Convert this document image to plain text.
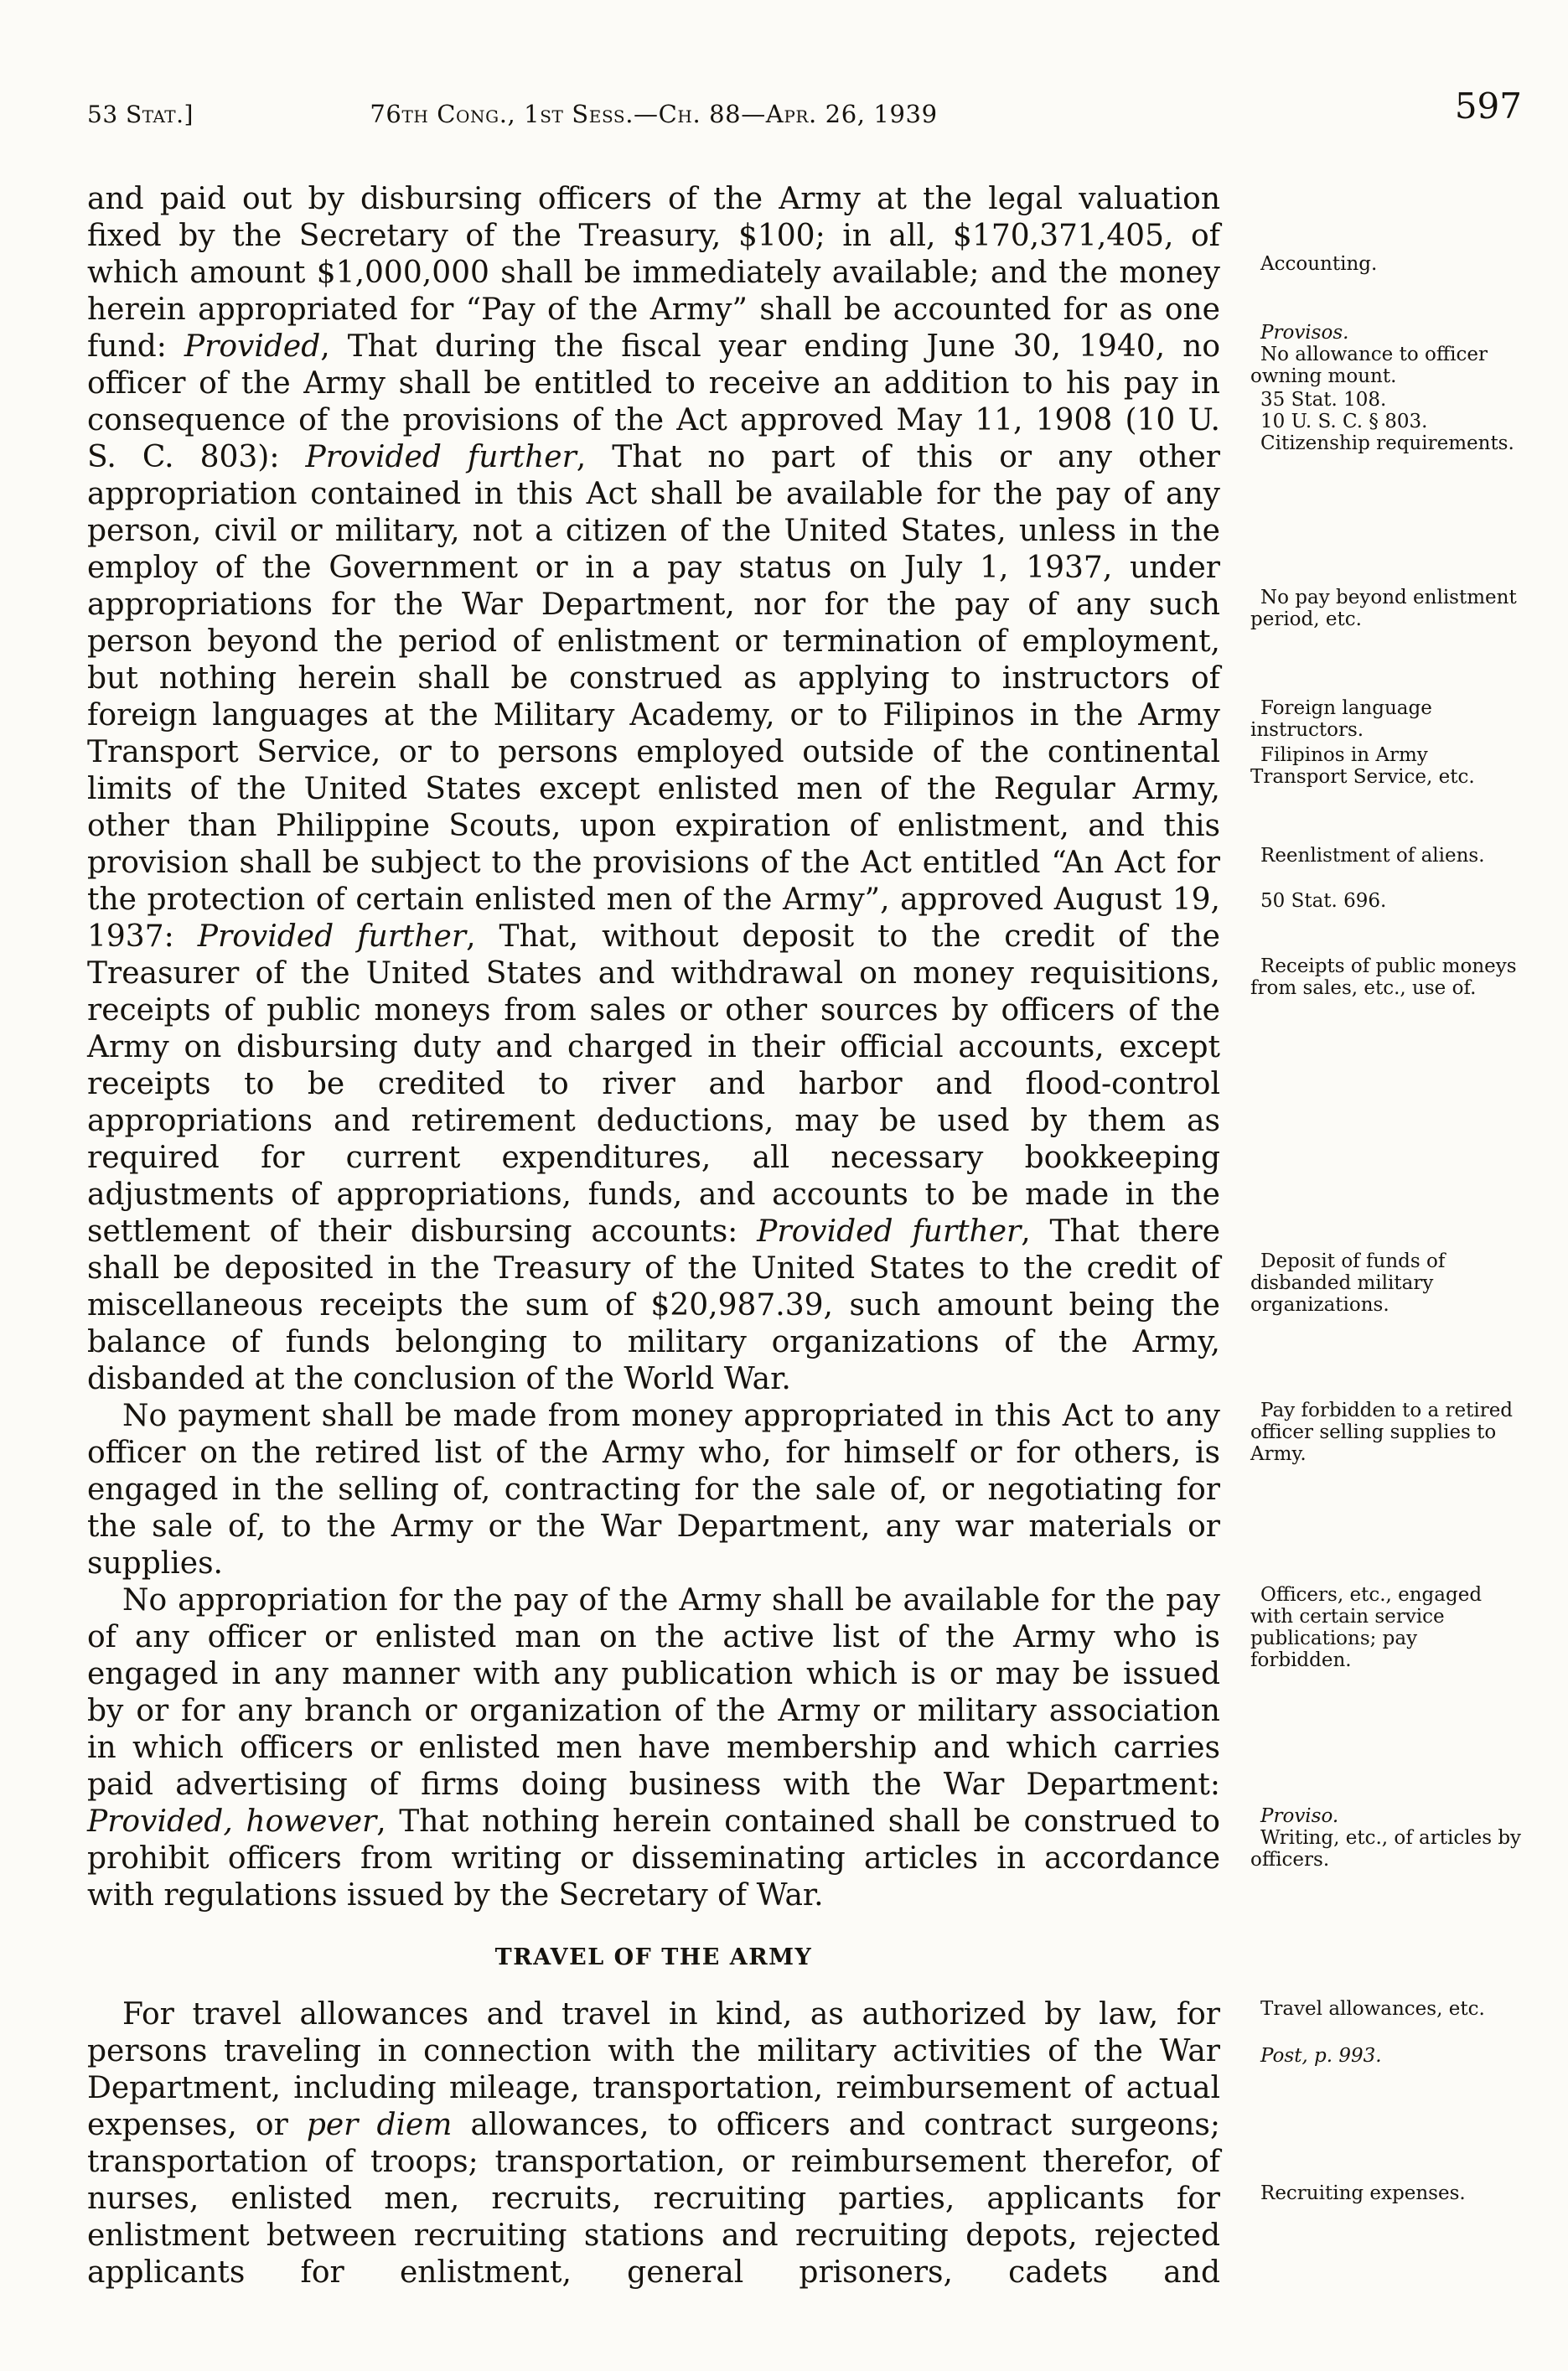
53 Stat.]	76th Cong., 1st Sess.—Ch. 88—Apr. 26, 1939	597

and paid out by disbursing officers of the Army at the legal valuation fixed by the Secretary of the Treasury, $100; in all, $170,371,405, of which amount $1,000,000 shall be immediately available; and the money herein appropriated for “Pay of the Army” shall be accounted for as one fund: Provided, That during the fiscal year ending June 30, 1940, no officer of the Army shall be entitled to receive an addition to his pay in consequence of the provisions of the Act approved May 11, 1908 (10 U. S. C. 803): Provided further, That no part of this or any other appropriation contained in this Act shall be available for the pay of any person, civil or military, not a citizen of the United States, unless in the employ of the Government or in a pay status on July 1, 1937, under appropriations for the War Department, nor for the pay of any such person beyond the period of enlistment or termination of employment, but nothing herein shall be construed as applying to instructors of foreign languages at the Military Academy, or to Filipinos in the Army Transport Service, or to persons employed outside of the continental limits of the United States except enlisted men of the Regular Army, other than Philippine Scouts, upon expiration of enlistment, and this provision shall be subject to the provisions of the Act entitled “An Act for the protection of certain enlisted men of the Army”, approved August 19, 1937: Provided further, That, without deposit to the credit of the Treasurer of the United States and withdrawal on money requisitions, receipts of public moneys from sales or other sources by officers of the Army on disbursing duty and charged in their official accounts, except receipts to be credited to river and harbor and flood-control appropriations and retirement deductions, may be used by them as required for current expenditures, all necessary bookkeeping adjustments of appropriations, funds, and accounts to be made in the settlement of their disbursing accounts: Provided further, That there shall be deposited in the Treasury of the United States to the credit of miscellaneous receipts the sum of $20,987.39, such amount being the balance of funds belonging to military organizations of the Army, disbanded at the conclusion of the World War.

No payment shall be made from money appropriated in this Act to any officer on the retired list of the Army who, for himself or for others, is engaged in the selling of, contracting for the sale of, or negotiating for the sale of, to the Army or the War Department, any war materials or supplies.

No appropriation for the pay of the Army shall be available for the pay of any officer or enlisted man on the active list of the Army who is engaged in any manner with any publication which is or may be issued by or for any branch or organization of the Army or military association in which officers or enlisted men have membership and which carries paid advertising of firms doing business with the War Department: Provided, however, That nothing herein contained shall be construed to prohibit officers from writing or disseminating articles in accordance with regulations issued by the Secretary of War.

TRAVEL OF THE ARMY

For travel allowances and travel in kind, as authorized by law, for persons traveling in connection with the military activities of the War Department, including mileage, transportation, reimbursement of actual expenses, or per diem allowances, to officers and contract surgeons; transportation of troops; transportation, or reimbursement therefor, of nurses, enlisted men, recruits, recruiting parties, applicants for enlistment between recruiting stations and recruiting depots, rejected applicants for enlistment, general prisoners, cadets and

Accounting.
Provisos.
No allowance to officer owning mount.
35 Stat. 108.
10 U. S. C. § 803.
Citizenship requirements.
No pay beyond enlistment period, etc.
Foreign language instructors.
Filipinos in Army Transport Service, etc.
Reenlistment of aliens.
50 Stat. 696.
Receipts of public moneys from sales, etc., use of.
Deposit of funds of disbanded military organizations.
Pay forbidden to a retired officer selling supplies to Army.
Officers, etc., engaged with certain service publications; pay forbidden.
Proviso.
Writing, etc., of articles by officers.
Travel allowances, etc.
Post, p. 993.
Recruiting expenses.
